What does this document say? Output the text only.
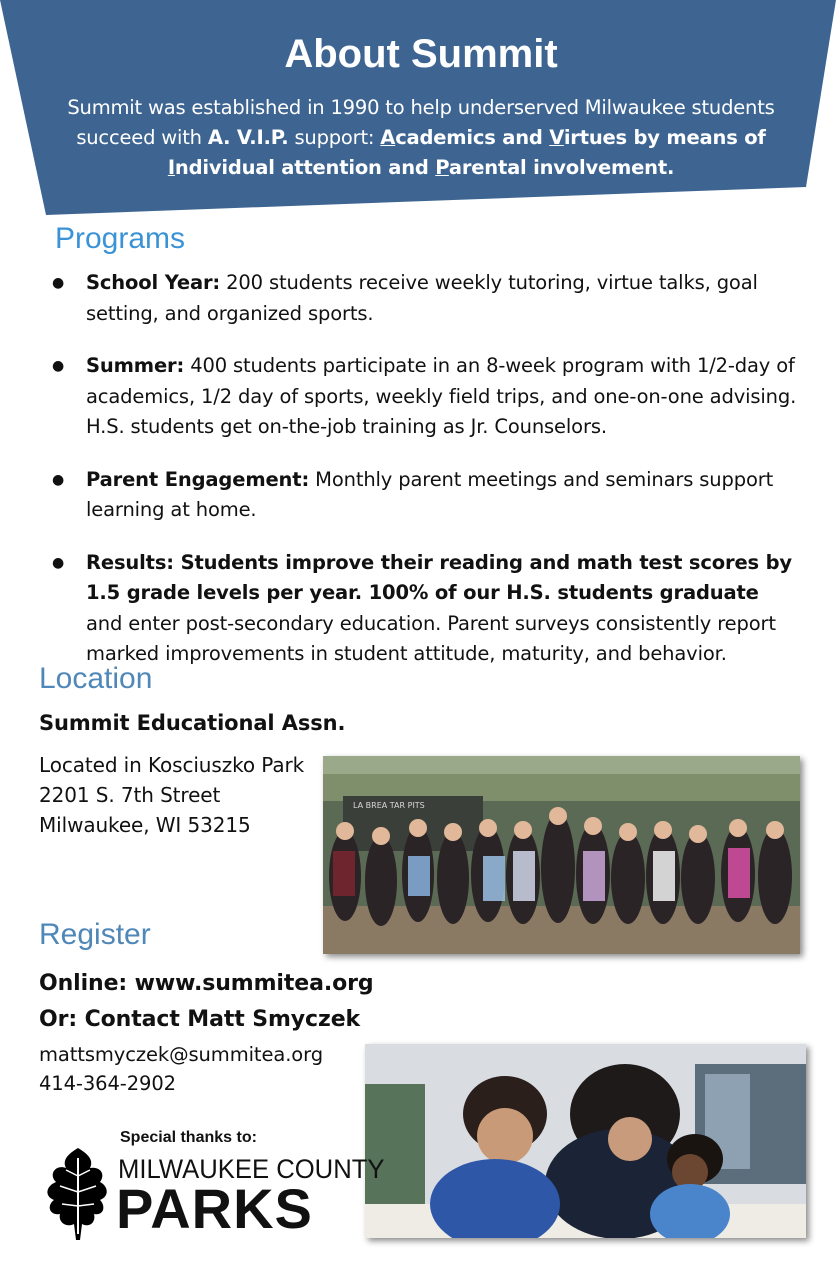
About Summit
Summit was established in 1990 to help underserved Milwaukee students succeed with A. V.I.P. support: Academics and Virtues by means of Individual attention and Parental involvement.
Programs
● School Year: 200 students receive weekly tutoring, virtue talks, goal setting, and organized sports.
● Summer: 400 students participate in an 8-week program with 1/2-day of academics, 1/2 day of sports, weekly field trips, and one-on-one advising. H.S. students get on-the-job training as Jr. Counselors.
● Parent Engagement: Monthly parent meetings and seminars support learning at home.
● Results: Students improve their reading and math test scores by 1.5 grade levels per year. 100% of our H.S. students graduate and enter post-secondary education. Parent surveys consistently report marked improvements in student attitude, maturity, and behavior.
Location
Summit Educational Assn.
Located in Kosciuszko Park
2201 S. 7th Street
Milwaukee, WI 53215
LA BREA TAR PITS
Register
Online: www.summitea.org
Or: Contact Matt Smyczek
mattsmyczek@summitea.org
414-364-2902
Special thanks to:
MILWAUKEE COUNTY
PARKS
